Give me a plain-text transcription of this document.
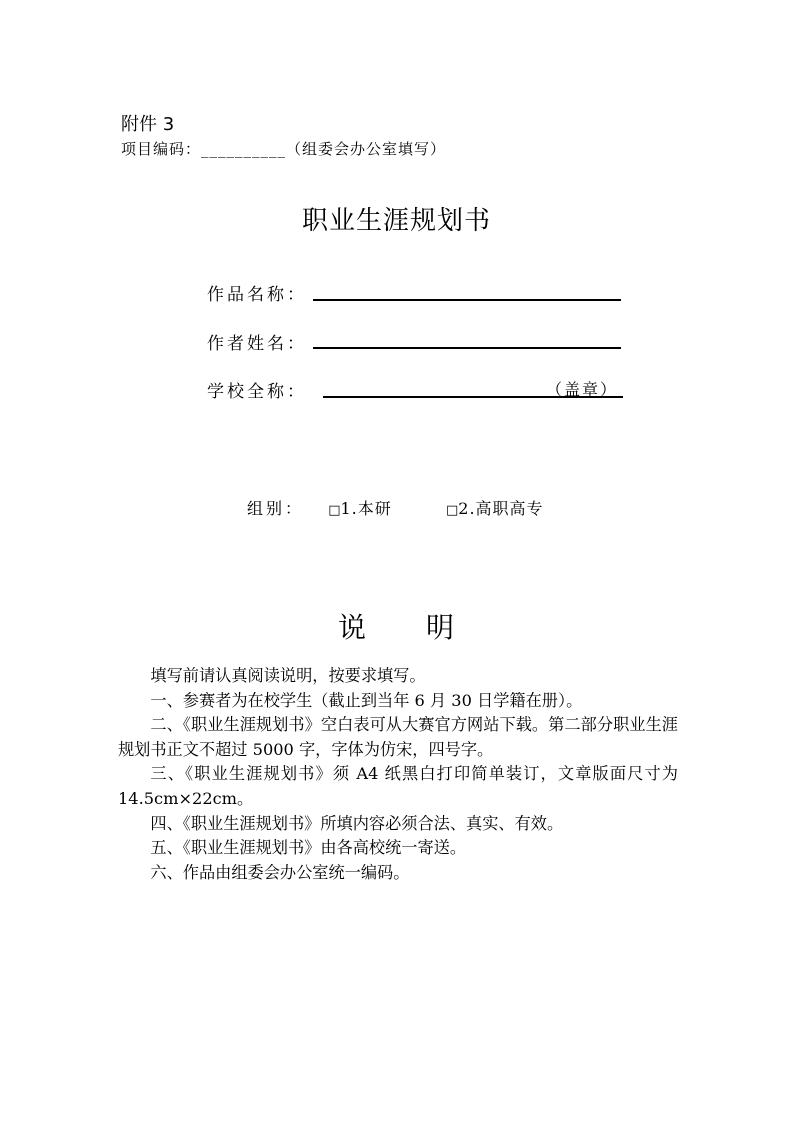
附件 3
项目编码：__________（组委会办公室填写）
职业生涯规划书
作品名称：
作者姓名：
学校全称：	（盖章）
组别： □1.本研	□2.高职高专
说 明

填写前请认真阅读说明，按要求填写。

一、参赛者为在校学生（截止到当年 6 月 30 日学籍在册）。

二、《职业生涯规划书》空白表可从大赛官方网站下载。第二部分职业生涯规划书正文不超过 5000 字，字体为仿宋，四号字。

三、《职业生涯规划书》须 A4 纸黑白打印简单装订，文章版面尺寸为 14.5cm×22cm。

四、《职业生涯规划书》所填内容必须合法、真实、有效。

五、《职业生涯规划书》由各高校统一寄送。

六、作品由组委会办公室统一编码。
